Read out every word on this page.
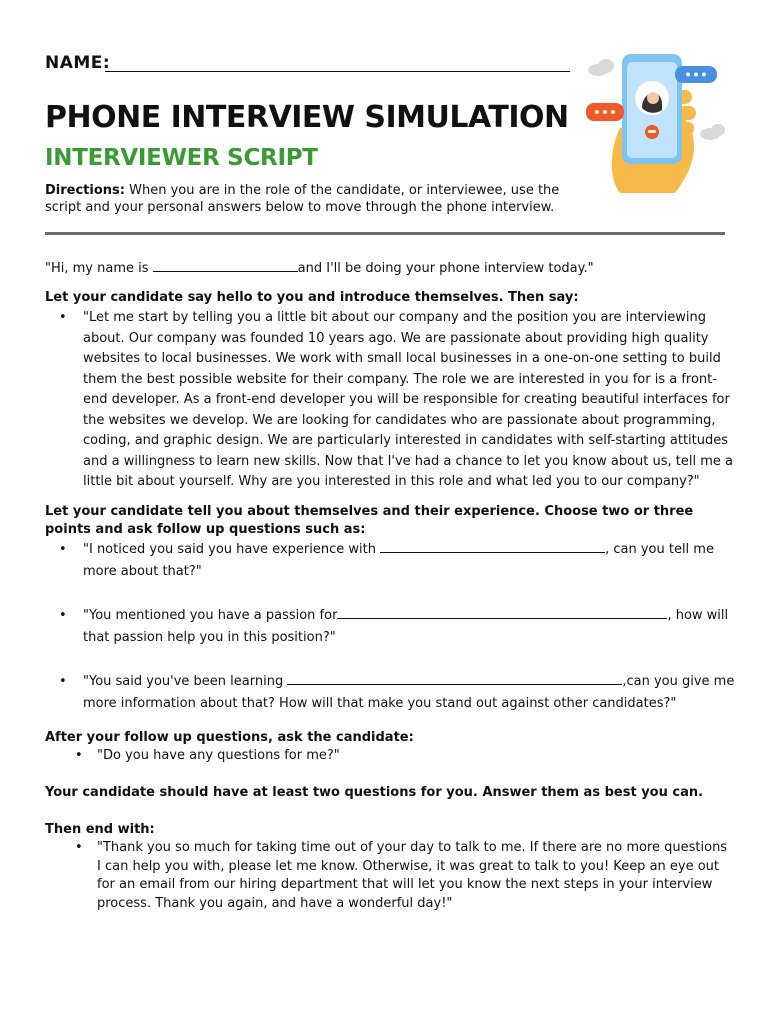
NAME:
PHONE INTERVIEW SIMULATION
INTERVIEWER SCRIPT
Directions: When you are in the role of the candidate, or interviewee, use the script and your personal answers below to move through the phone interview.

"Hi, my name is	and I'll be doing your phone interview today."

Let your candidate say hello to you and introduce themselves. Then say:

• "Let me start by telling you a little bit about our company and the position you are interviewing about. Our company was founded 10 years ago. We are passionate about providing high quality websites to local businesses. We work with small local businesses in a one-on-one setting to build them the best possible website for their company. The role we are interested in you for is a front-end developer. As a front-end developer you will be responsible for creating beautiful interfaces for the websites we develop. We are looking for candidates who are passionate about programming, coding, and graphic design. We are particularly interested in candidates with self-starting attitudes and a willingness to learn new skills. Now that I've had a chance to let you know about us, tell me a little bit about yourself. Why are you interested in this role and what led you to our company?"

Let your candidate tell you about themselves and their experience. Choose two or three points and ask follow up questions such as:

• "I noticed you said you have experience with	, can you tell me more about that?"
• "You mentioned you have a passion for	, how will that passion help you in this position?"
• "You said you've been learning	,can you give me more information about that? How will that make you stand out against other candidates?"

After your follow up questions, ask the candidate:

• "Do you have any questions for me?"

Your candidate should have at least two questions for you. Answer them as best you can.

Then end with:

• "Thank you so much for taking time out of your day to talk to me. If there are no more questions I can help you with, please let me know. Otherwise, it was great to talk to you! Keep an eye out for an email from our hiring department that will let you know the next steps in your interview process. Thank you again, and have a wonderful day!"
